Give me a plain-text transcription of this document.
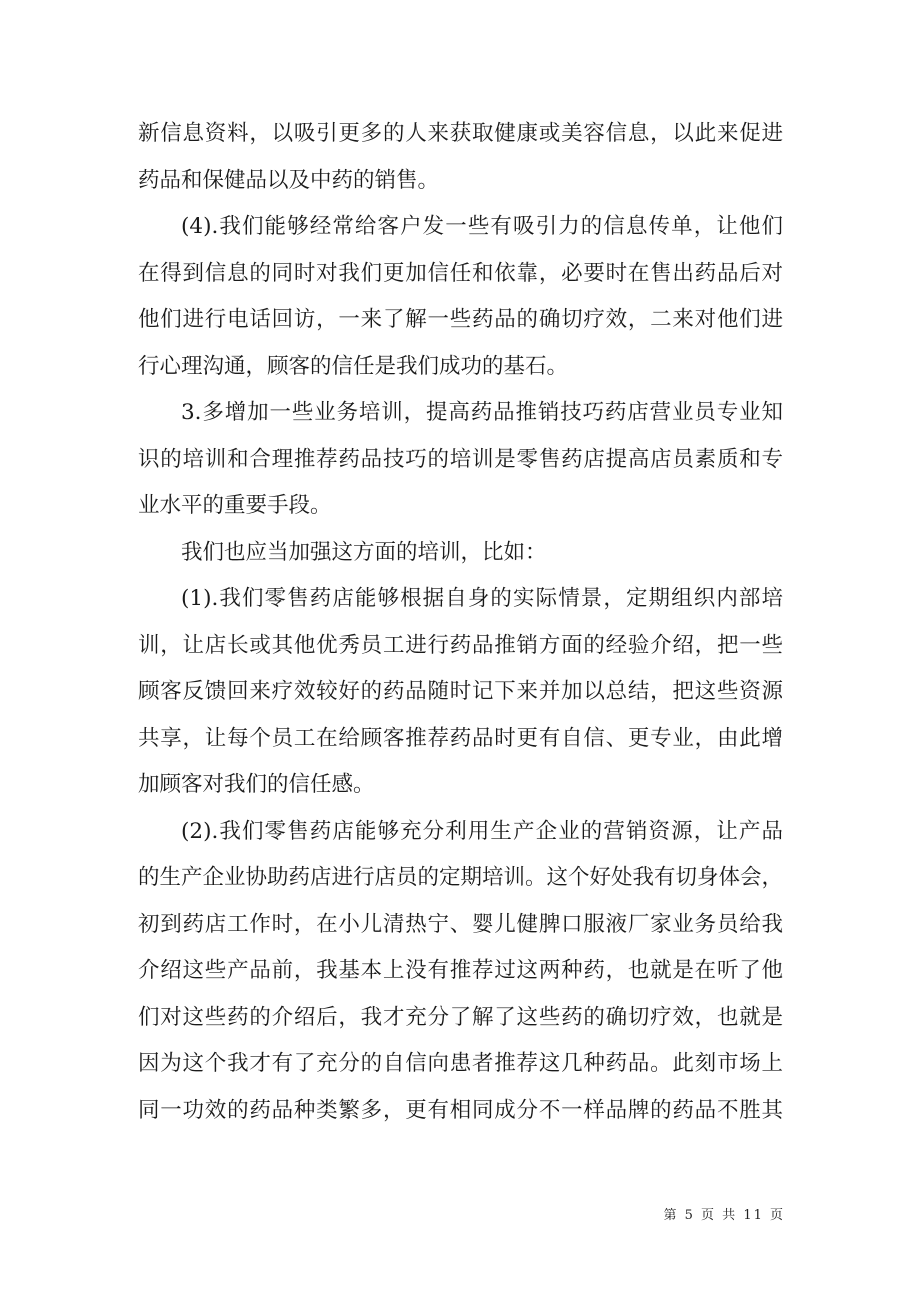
新信息资料，以吸引更多的人来获取健康或美容信息，以此来促进
药品和保健品以及中药的销售。
(4).我们能够经常给客户发一些有吸引力的信息传单，让他们
在得到信息的同时对我们更加信任和依靠，必要时在售出药品后对
他们进行电话回访，一来了解一些药品的确切疗效，二来对他们进
行心理沟通，顾客的信任是我们成功的基石。
3.多增加一些业务培训，提高药品推销技巧药店营业员专业知
识的培训和合理推荐药品技巧的培训是零售药店提高店员素质和专
业水平的重要手段。
我们也应当加强这方面的培训，比如：
(1).我们零售药店能够根据自身的实际情景，定期组织内部培
训，让店长或其他优秀员工进行药品推销方面的经验介绍，把一些
顾客反馈回来疗效较好的药品随时记下来并加以总结，把这些资源
共享，让每个员工在给顾客推荐药品时更有自信、更专业，由此增
加顾客对我们的信任感。
(2).我们零售药店能够充分利用生产企业的营销资源，让产品
的生产企业协助药店进行店员的定期培训。这个好处我有切身体会，
初到药店工作时，在小儿清热宁、婴儿健脾口服液厂家业务员给我
介绍这些产品前，我基本上没有推荐过这两种药，也就是在听了他
们对这些药的介绍后，我才充分了解了这些药的确切疗效，也就是
因为这个我才有了充分的自信向患者推荐这几种药品。此刻市场上
同一功效的药品种类繁多，更有相同成分不一样品牌的药品不胜其
第 5 页 共 11 页
